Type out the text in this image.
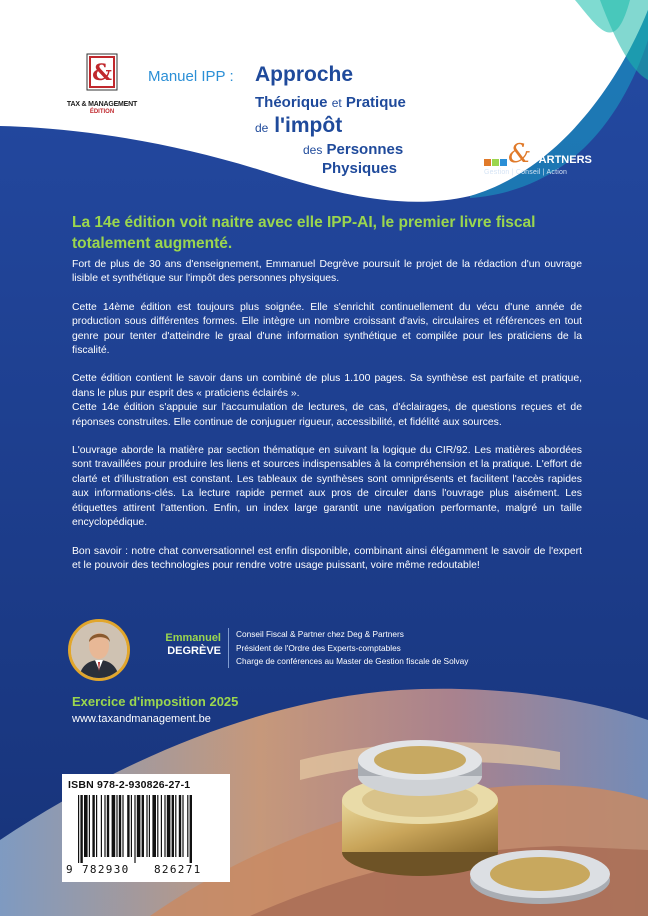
&
TAX & MANAGEMENT
ÉDITION
Manuel IPP : Approche
Théorique et Pratique
de l'impôt
des Personnes
Physiques
DEG & PARTNERS
Gestion | Conseil | Action
La 14e édition voit naitre avec elle IPP-AI, le premier livre fiscal totalement augmenté.

Fort de plus de 30 ans d'enseignement, Emmanuel Degrève poursuit le projet de la rédaction d'un ouvrage lisible et synthétique sur l'impôt des personnes physiques.

Cette 14ème édition est toujours plus soignée. Elle s'enrichit continuellement du vécu d'une année de production sous différentes formes. Elle intègre un nombre croissant d'avis, circulaires et références en tout genre pour tenter d'atteindre le graal d'une information synthétique et compilée pour les praticiens de la fiscalité.

Cette édition contient le savoir dans un combiné de plus 1.100 pages. Sa synthèse est parfaite et pratique, dans le plus pur esprit des « praticiens éclairés ».

Cette 14e édition s'appuie sur l'accumulation de lectures, de cas, d'éclairages, de questions reçues et de réponses construites. Elle continue de conjuguer rigueur, accessibilité, et fidélité aux sources.

L'ouvrage aborde la matière par section thématique en suivant la logique du CIR/92. Les matières abordées sont travaillées pour produire les liens et sources indispensables à la compréhension et la pratique. L'effort de clarté et d'illustration est constant. Les tableaux de synthèses sont omniprésents et facilitent l'accès rapides aux informations-clés. La lecture rapide permet aux pros de circuler dans l'ouvrage plus aisément. Les étiquettes attirent l'attention. Enfin, un index large garantit une navigation performante, malgré un taille encyclopédique.

Bon savoir : notre chat conversationnel est enfin disponible, combinant ainsi élégamment le savoir de l'expert et le pouvoir des technologies pour rendre votre usage puissant, voire même redoutable!

Emmanuel
DEGRÈVE
Conseil Fiscal & Partner chez Deg & Partners
Président de l'Ordre des Experts-comptables
Charge de conférences au Master de Gestion fiscale de Solvay
Exercice d'imposition 2025
www.taxandmanagement.be
ISBN 978-2-930826-27-1
9 782930 826271
